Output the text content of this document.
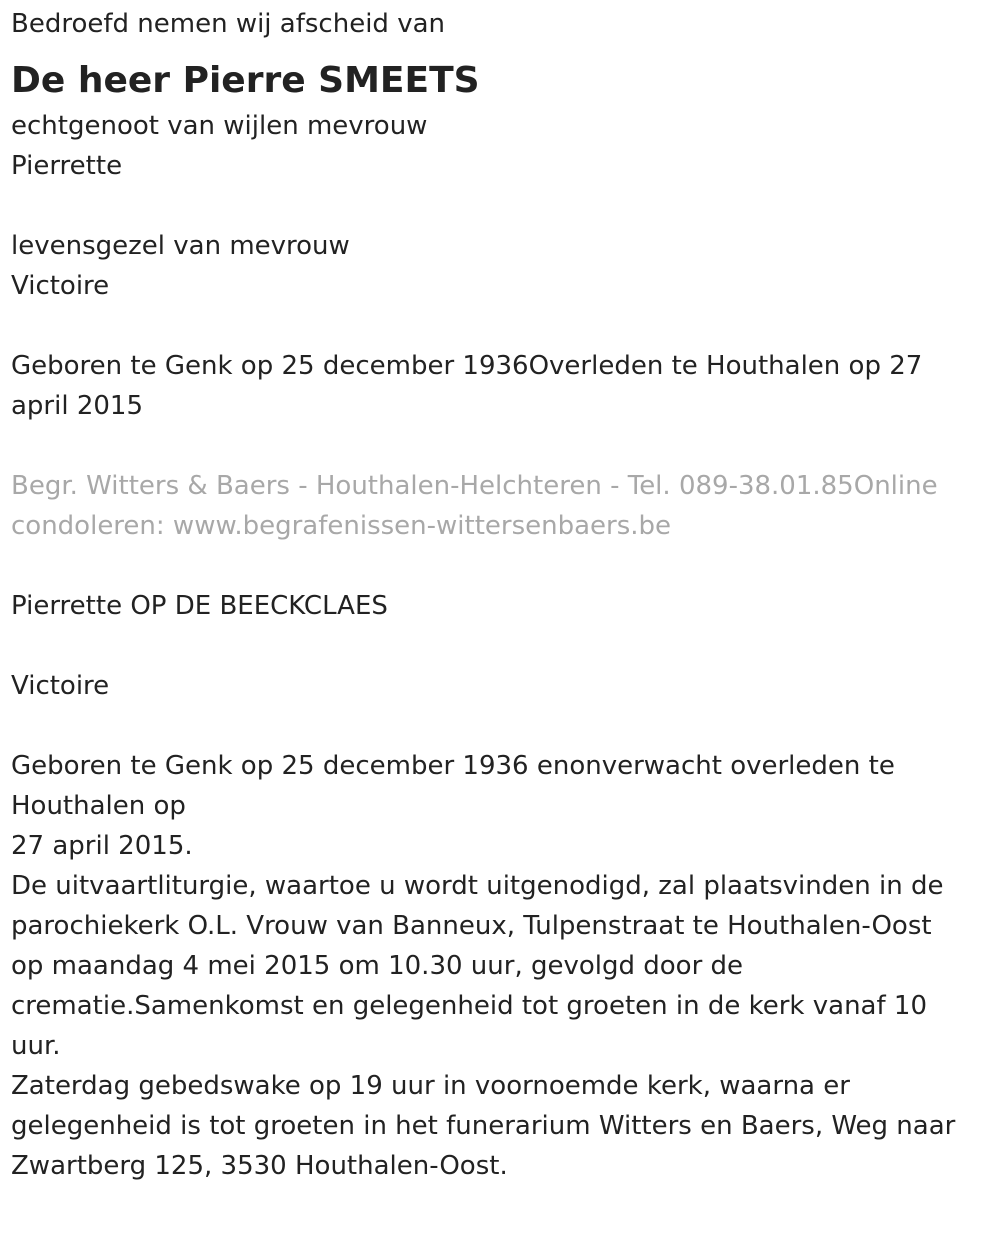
Bedroefd nemen wij afscheid van
De heer Pierre SMEETS
echtgenoot van wijlen mevrouw
Pierrette
levensgezel van mevrouw
Victoire
Geboren te Genk op 25 december 1936Overleden te Houthalen op 27
april 2015
Begr. Witters & Baers - Houthalen-Helchteren - Tel. 089-38.01.85Online
condoleren: www.begrafenissen-wittersenbaers.be
Pierrette OP DE BEECKCLAES
Victoire
Geboren te Genk op 25 december 1936 enonverwacht overleden te
Houthalen op
27 april 2015.
De uitvaartliturgie, waartoe u wordt uitgenodigd, zal plaatsvinden in de
parochiekerk O.L. Vrouw van Banneux, Tulpenstraat te Houthalen-Oost
op maandag 4 mei 2015 om 10.30 uur, gevolgd door de
crematie.Samenkomst en gelegenheid tot groeten in de kerk vanaf 10
uur.
Zaterdag gebedswake op 19 uur in voornoemde kerk, waarna er
gelegenheid is tot groeten in het funerarium Witters en Baers, Weg naar
Zwartberg 125, 3530 Houthalen-Oost.
